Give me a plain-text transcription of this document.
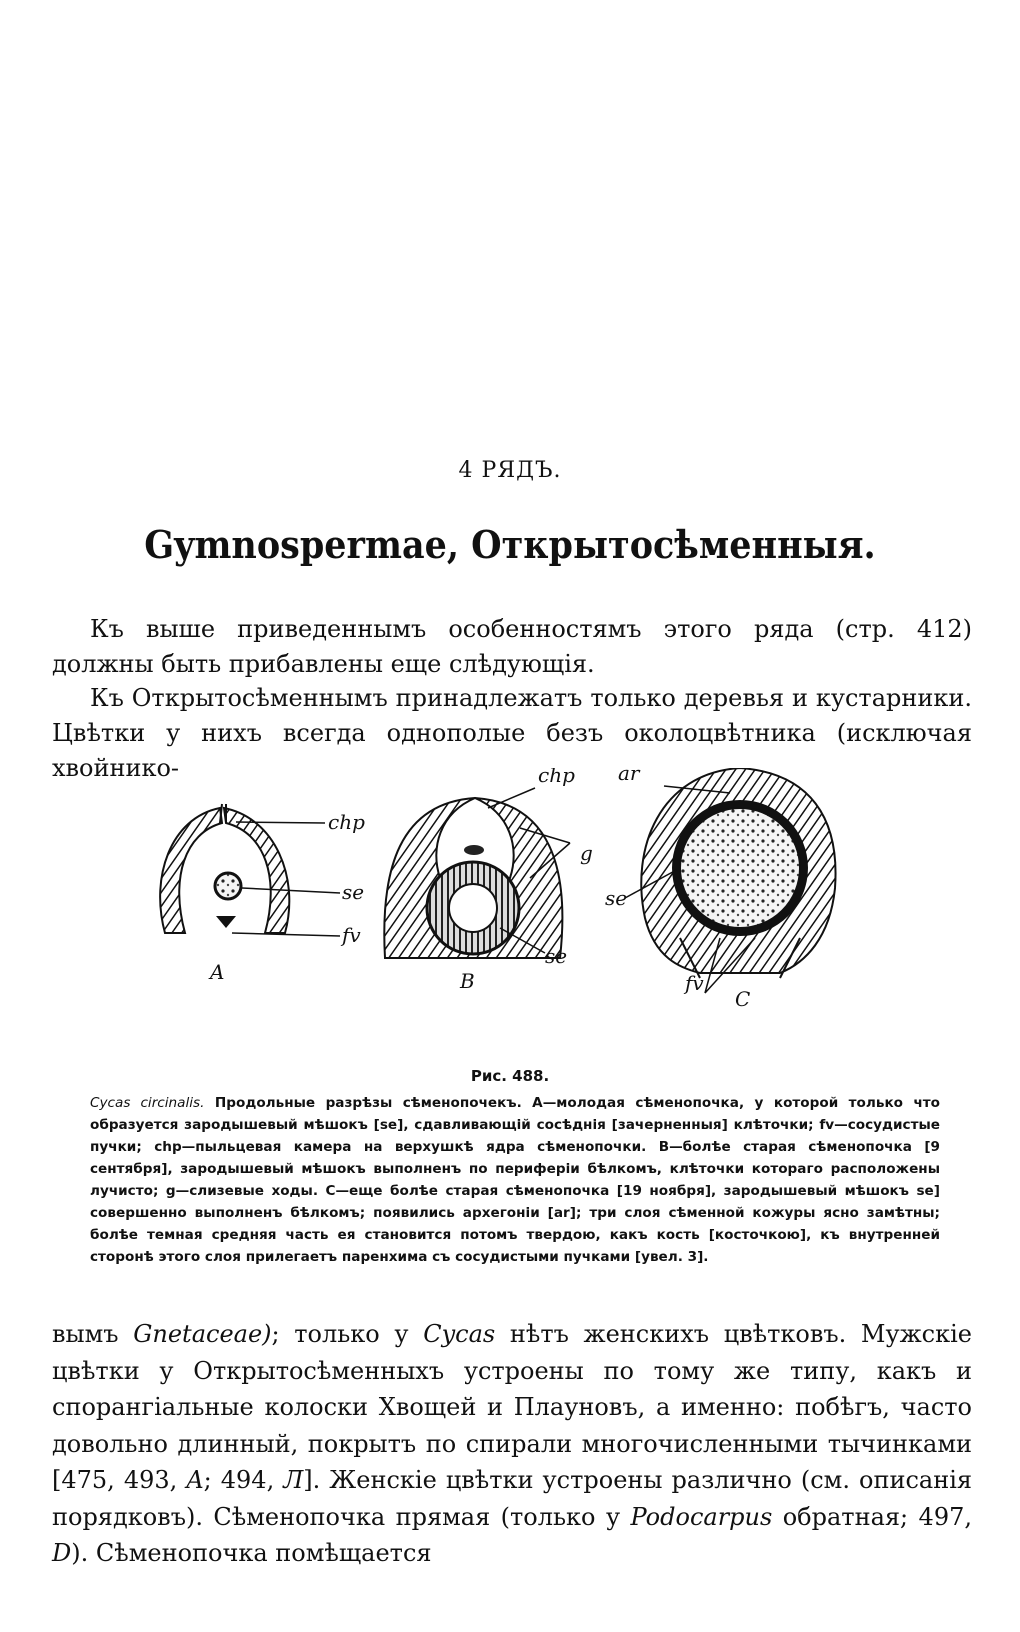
4 РЯДЪ.
Gymnospermae, Открытосѣменныя.
Къ выше приведеннымъ особенностямъ этого ряда (стр. 412) должны быть прибавлены еще слѣдующія.
Къ Открытосѣменнымъ принадлежатъ только деревья и кустарники. Цвѣтки у нихъ всегда однополые безъ околоцвѣтника (исключая хвойнико-
chp
se
fv
A
chp
g
se
B
ar
se
fv
C
Рис. 488.
Cycas circinalis. Продольные разрѣзы сѣменопочекъ. A—молодая сѣменопочка, у которой только что образуется зародышевый мѣшокъ [se], сдавливающій сосѣднія [зачерненныя] клѣточки; fv—сосудистые пучки; chp—пыльцевая камера на верхушкѣ ядра сѣменопочки. B—болѣе старая сѣменопочка [9 сентября], зародышевый мѣшокъ выполненъ по периферіи бѣлкомъ, клѣточки котораго расположены лучисто; g—слизевые ходы. C—еще болѣе старая сѣменопочка [19 ноября], зародышевый мѣшокъ se] совершенно выполненъ бѣлкомъ; появились архегоніи [ar]; три слоя сѣменной кожуры ясно замѣтны; болѣе темная средняя часть ея становится потомъ твердою, какъ кость [косточкою], къ внутренней сторонѣ этого слоя прилегаетъ паренхима съ сосудистыми пучками [увел. 3].
вымъ Gnetaceae); только у Cycas нѣтъ женскихъ цвѣтковъ. Мужскіе цвѣтки у Открытосѣменныхъ устроены по тому же типу, какъ и спорангіальные колоски Хвощей и Плауновъ, а именно: побѣгъ, часто довольно длинный, покрытъ по спирали многочисленными тычинками [475, 493, A; 494, Л]. Женскіе цвѣтки устроены различно (см. описанія порядковъ). Сѣменопочка прямая (только у Podocarpus обратная; 497, D). Сѣменопочка помѣщается
